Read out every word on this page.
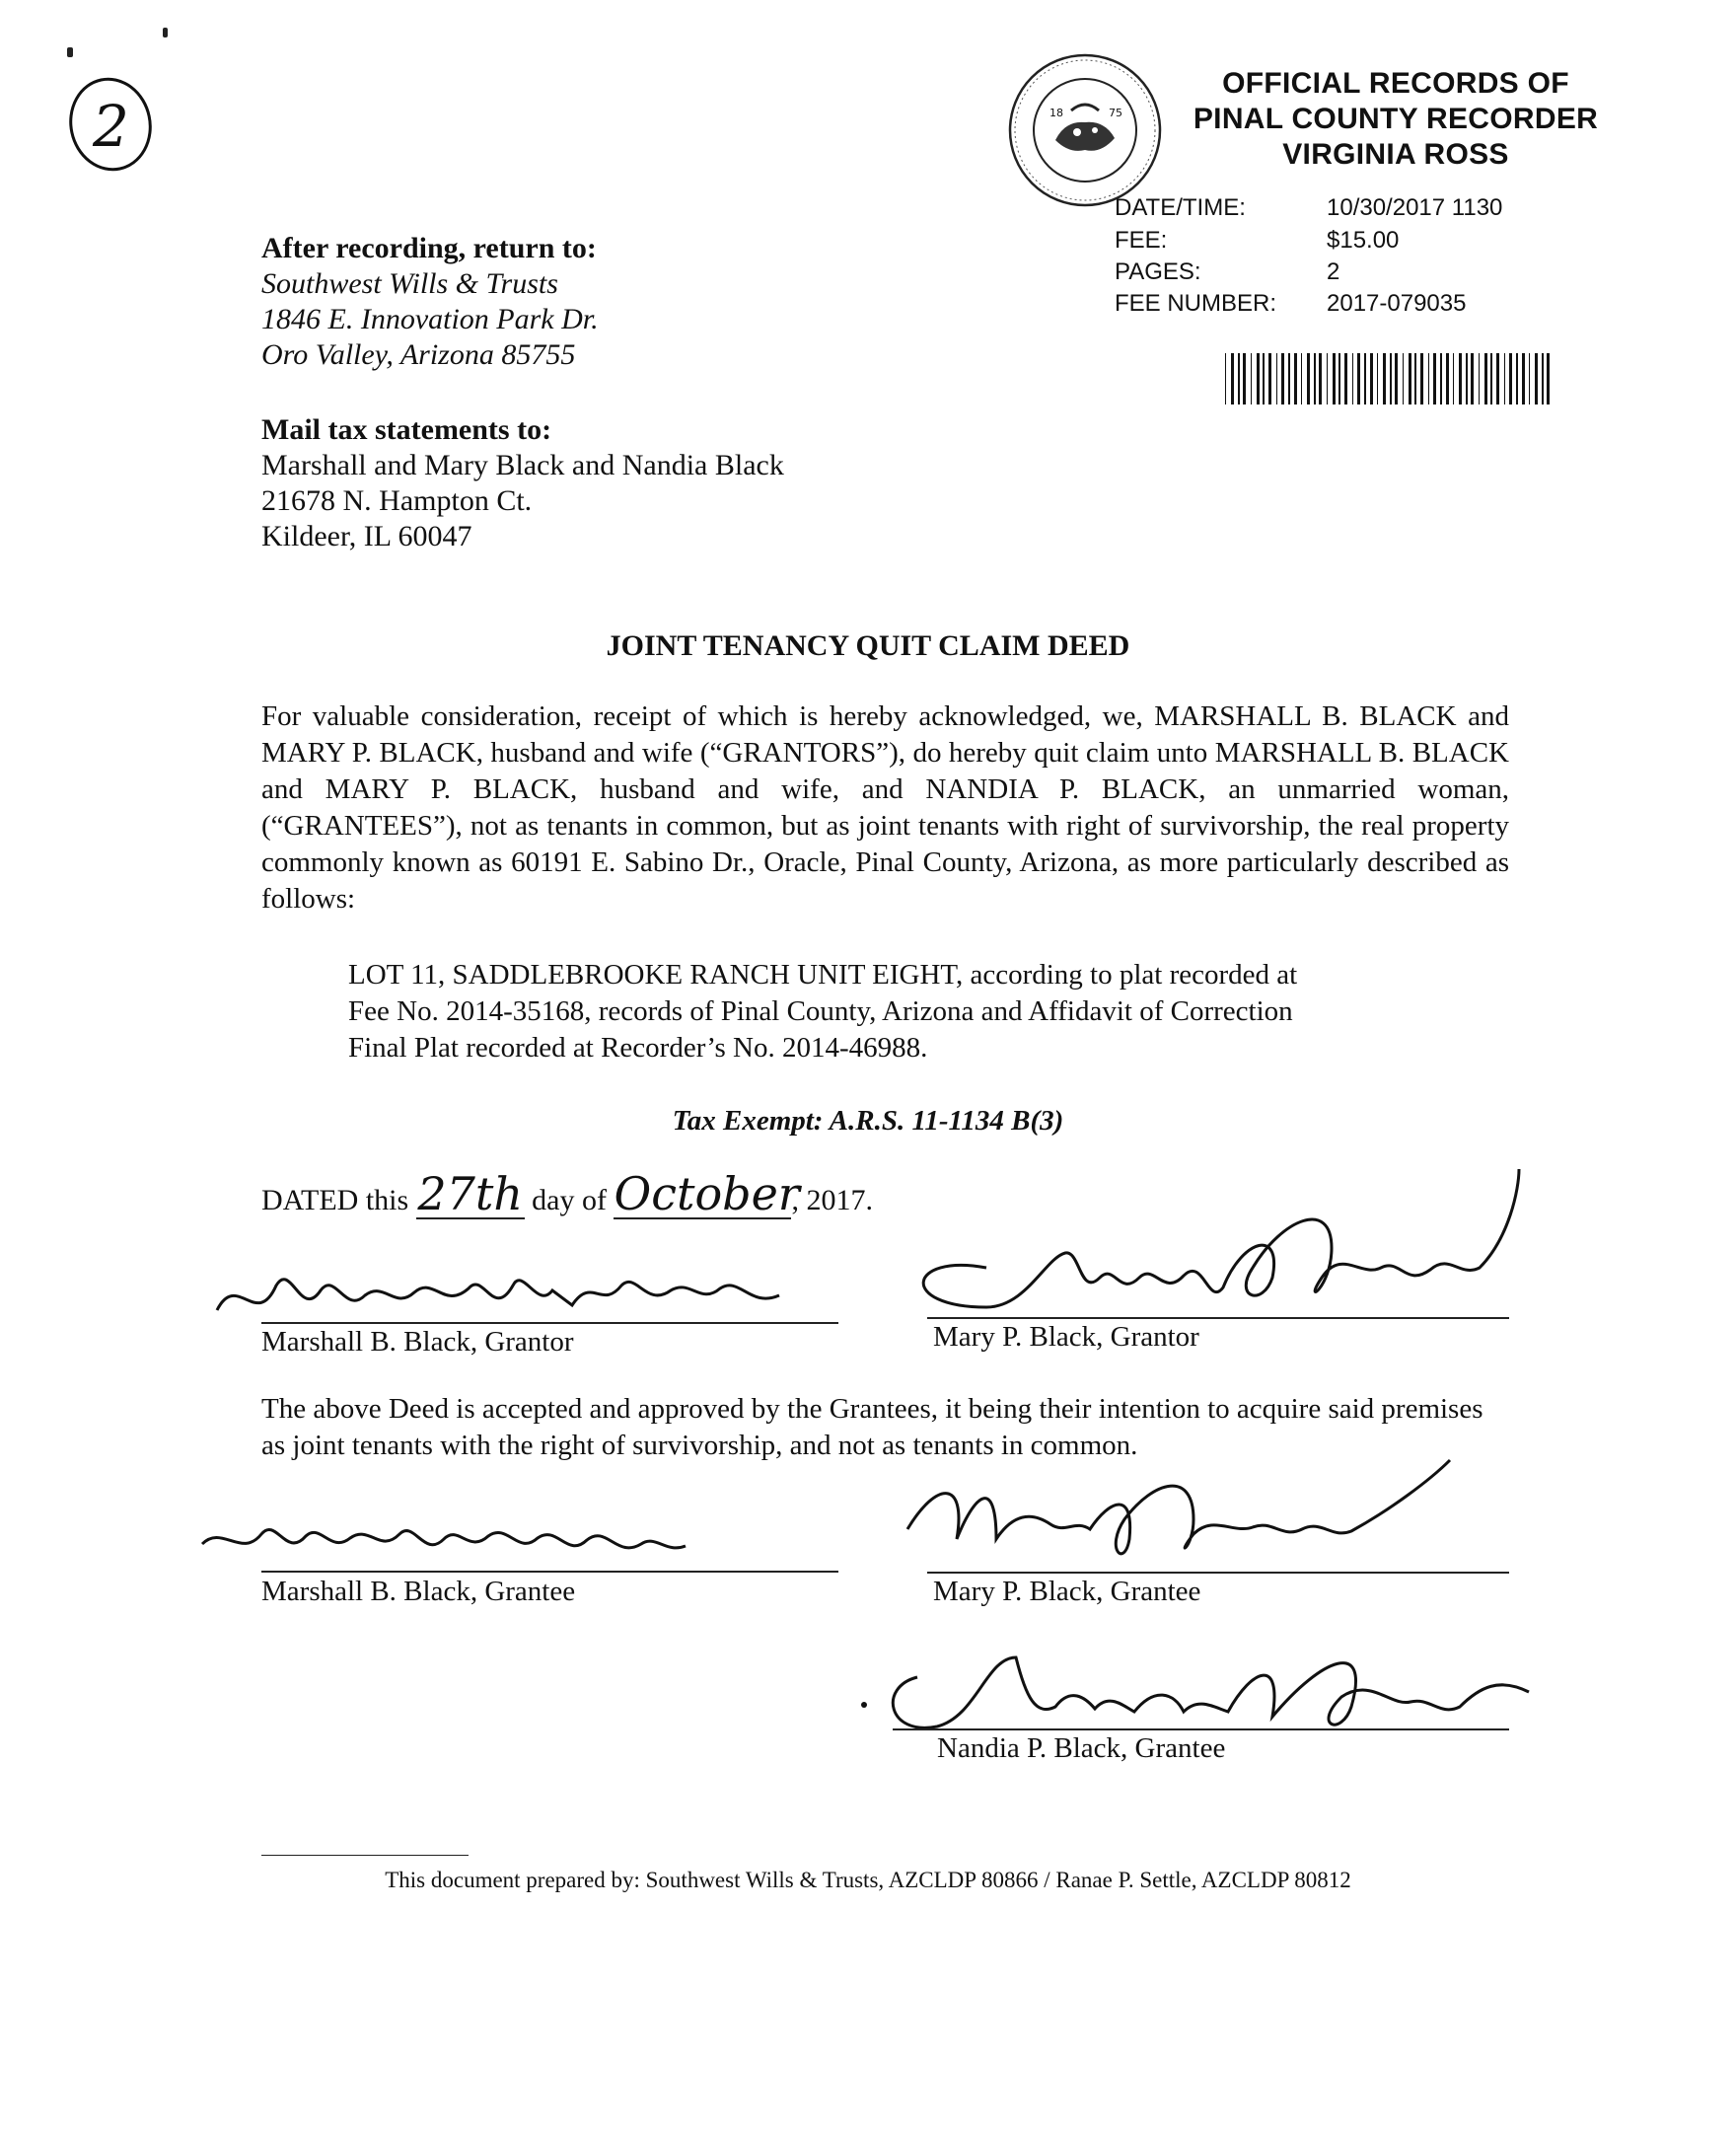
2	18	75
OFFICIAL RECORDS OF
PINAL COUNTY RECORDER
VIRGINIA ROSS
DATE/TIME:	10/30/2017 1130
FEE:	$15.00
PAGES:	2
FEE NUMBER: 2017-079035
After recording, return to:
Southwest Wills & Trusts
1846 E. Innovation Park Dr.
Oro Valley, Arizona 85755
Mail tax statements to:
Marshall and Mary Black and Nandia Black
21678 N. Hampton Ct.
Kildeer, IL 60047
JOINT TENANCY QUIT CLAIM DEED
For valuable consideration, receipt of which is hereby acknowledged, we, MARSHALL B. BLACK and MARY P. BLACK, husband and wife (“GRANTORS”), do hereby quit claim unto MARSHALL B. BLACK and MARY P. BLACK, husband and wife, and NANDIA P. BLACK, an unmarried woman, (“GRANTEES”), not as tenants in common, but as joint tenants with right of survivorship, the real property commonly known as 60191 E. Sabino Dr., Oracle, Pinal County, Arizona, as more particularly described as follows:
LOT 11, SADDLEBROOKE RANCH UNIT EIGHT, according to plat recorded at
Fee No. 2014-35168, records of Pinal County, Arizona and Affidavit of Correction
Final Plat recorded at Recorder’s No. 2014-46988.
Tax Exempt: A.R.S. 11-1134 B(3)
DATED this 27th day of October, 2017.
Marshall B. Black, Grantor	Mary P. Black, Grantor
The above Deed is accepted and approved by the Grantees, it being their intention to acquire said premises as joint tenants with the right of survivorship, and not as tenants in common.
Marshall B. Black, Grantee	Mary P. Black, Grantee
Nandia P. Black, Grantee
This document prepared by: Southwest Wills & Trusts, AZCLDP 80866 / Ranae P. Settle, AZCLDP 80812
